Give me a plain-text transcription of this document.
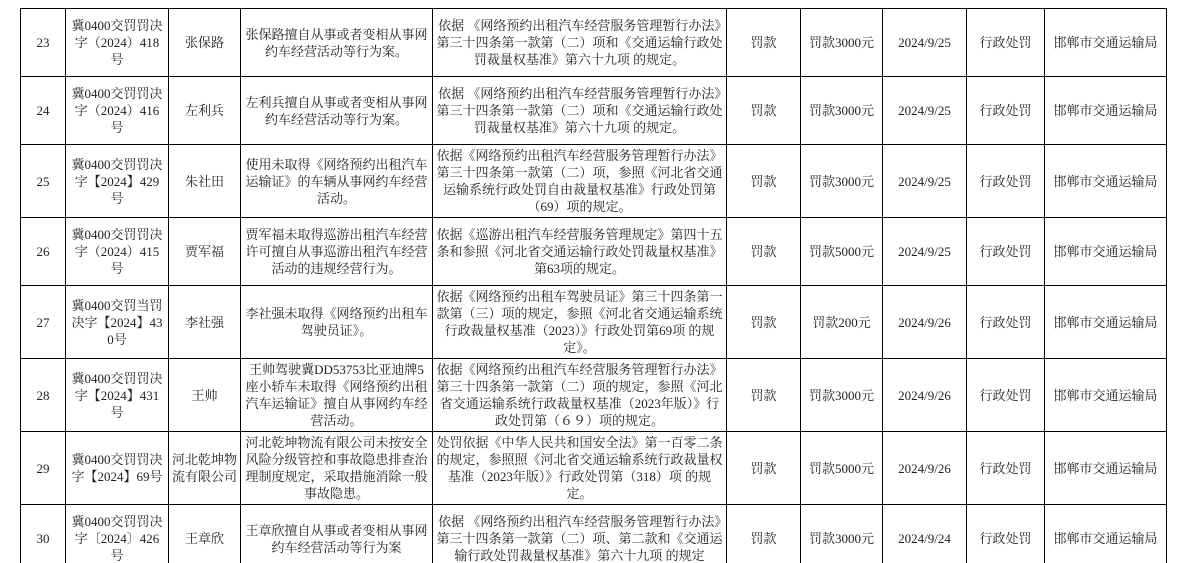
23	冀0400交罚罚决字（2024）418号	张保路	张保路擅自从事或者变相从事网约车经营活动等行为案。	依据 《网络预约出租汽车经营服务管理暂行办法》第三十四条第一款第（二）项和《交通运输行政处罚裁量权基准》第六十九项 的规定。	罚款	罚款3000元	2024/9/25	行政处罚	邯郸市交通运输局
24	冀0400交罚罚决字（2024）416号	左利兵	左利兵擅自从事或者变相从事网约车经营活动等行为案。	依据 《网络预约出租汽车经营服务管理暂行办法》第三十四条第一款第（二）项和《交通运输行政处罚裁量权基准》第六十九项 的规定。	罚款	罚款3000元	2024/9/25	行政处罚	邯郸市交通运输局
25	冀0400交罚罚决字【2024】429号	朱社田	使用未取得《网络预约出租汽车运输证》的车辆从事网约车经营活动。	依据《网络预约出租汽车经营服务管理暂行办法》第三十四条第一款第（二）项，参照《河北省交通运输系统行政处罚自由裁量权基准》行政处罚第（69）项的规定。	罚款	罚款3000元	2024/9/25	行政处罚	邯郸市交通运输局
26	冀0400交罚罚决字（2024）415号	贾军福	贾军福未取得巡游出租汽车经营许可擅自从事巡游出租汽车经营活动的违规经营行为。	依据《巡游出租汽车经营服务管理规定》第四十五条和参照《河北省交通运输行政处罚裁量权基准》第63项的规定。	罚款	罚款5000元	2024/9/25	行政处罚	邯郸市交通运输局
27	冀0400交罚当罚决字【2024】430号	李社强	李社强未取得《网络预约出租车驾驶员证》。	依据《网络预约出租车驾驶员证》第三十四条第一款第（三）项的规定，参照《河北省交通运输系统行政裁量权基准（2023）》行政处罚第69项 的规定》。	罚款	罚款200元	2024/9/26	行政处罚	邯郸市交通运输局
28	冀0400交罚罚决字【2024】431号	王帅	王帅驾驶冀DD53753比亚迪牌5座小轿车未取得《网络预约出租汽车运输证》擅自从事网约车经营活动。	依据《网络预约出租汽车经营服务管理暂行办法》第三十四条第一款第（二）项的规定，参照《河北省交通运输系统行政裁量权基准（2023年版）》行政处罚第（６９）项的规定。	罚款	罚款3000元	2024/9/26	行政处罚	邯郸市交通运输局
29	冀0400交罚罚决字【2024】69号	河北乾坤物流有限公司	河北乾坤物流有限公司未按安全风险分级管控和事故隐患排查治理制度规定，采取措施消除一般事故隐患。	处罚依据《中华人民共和国安全法》第一百零二条的规定，参照照《河北省交通运输系统行政裁量权基准（2023年版）》行政处罚第（318）项 的规定。	罚款	罚款5000元	2024/9/26	行政处罚	邯郸市交通运输局
30	冀0400交罚罚决字〔2024〕426号	王章欣	王章欣擅自从事或者变相从事网约车经营活动等行为案	依据 《网络预约出租汽车经营服务管理暂行办法》第三十四条第一款第（二）项、第二款和《交通运输行政处罚裁量权基准》第六十九项 的规定	罚款	罚款3000元	2024/9/24	行政处罚	邯郸市交通运输局
